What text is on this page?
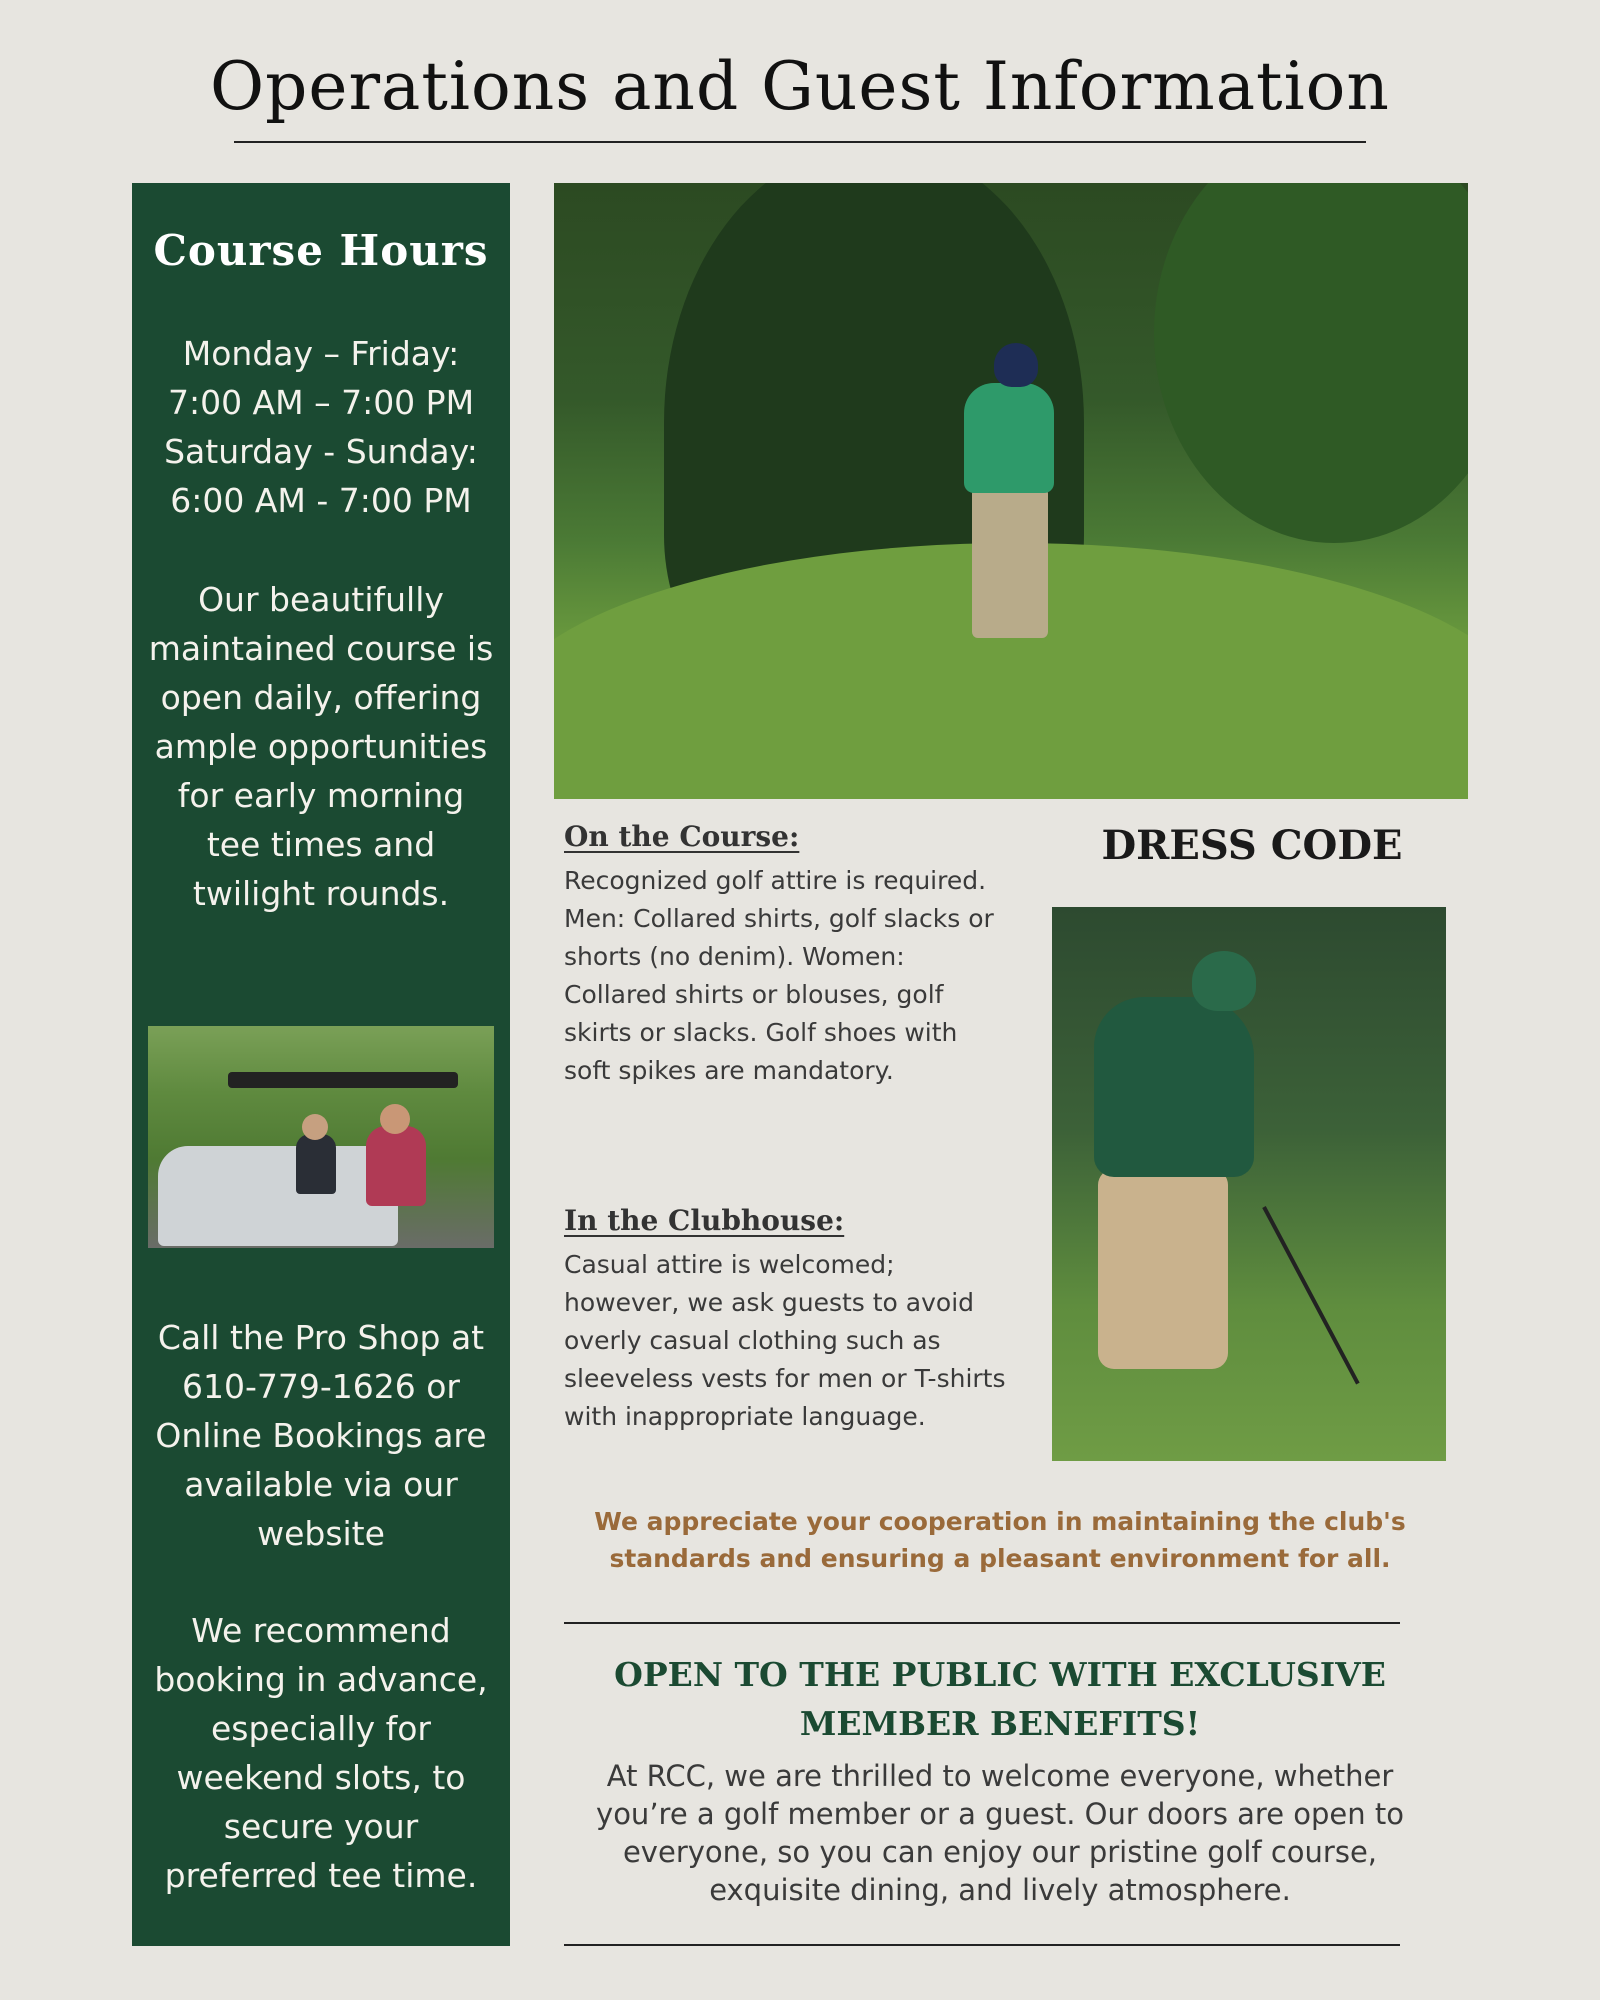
Operations and Guest Information
Course Hours

Monday – Friday: 7:00 AM – 7:00 PM Saturday - Sunday: 6:00 AM - 7:00 PM

Our beautifully maintained course is open daily, offering ample opportunities for early morning tee times and twilight rounds.

Call the Pro Shop at 610-779-1626 or Online Bookings are available via our website

We recommend booking in advance, especially for weekend slots, to secure your preferred tee time.

On the Course:

Recognized golf attire is required. Men: Collared shirts, golf slacks or shorts (no denim). Women: Collared shirts or blouses, golf skirts or slacks. Golf shoes with soft spikes are mandatory.

In the Clubhouse:

Casual attire is welcomed; however, we ask guests to avoid overly casual clothing such as sleeveless vests for men or T-shirts with inappropriate language.

DRESS CODE

We appreciate your cooperation in maintaining the club's standards and ensuring a pleasant environment for all.

OPEN TO THE PUBLIC WITH EXCLUSIVE MEMBER BENEFITS!

At RCC, we are thrilled to welcome everyone, whether you’re a golf member or a guest. Our doors are open to everyone, so you can enjoy our pristine golf course, exquisite dining, and lively atmosphere.
